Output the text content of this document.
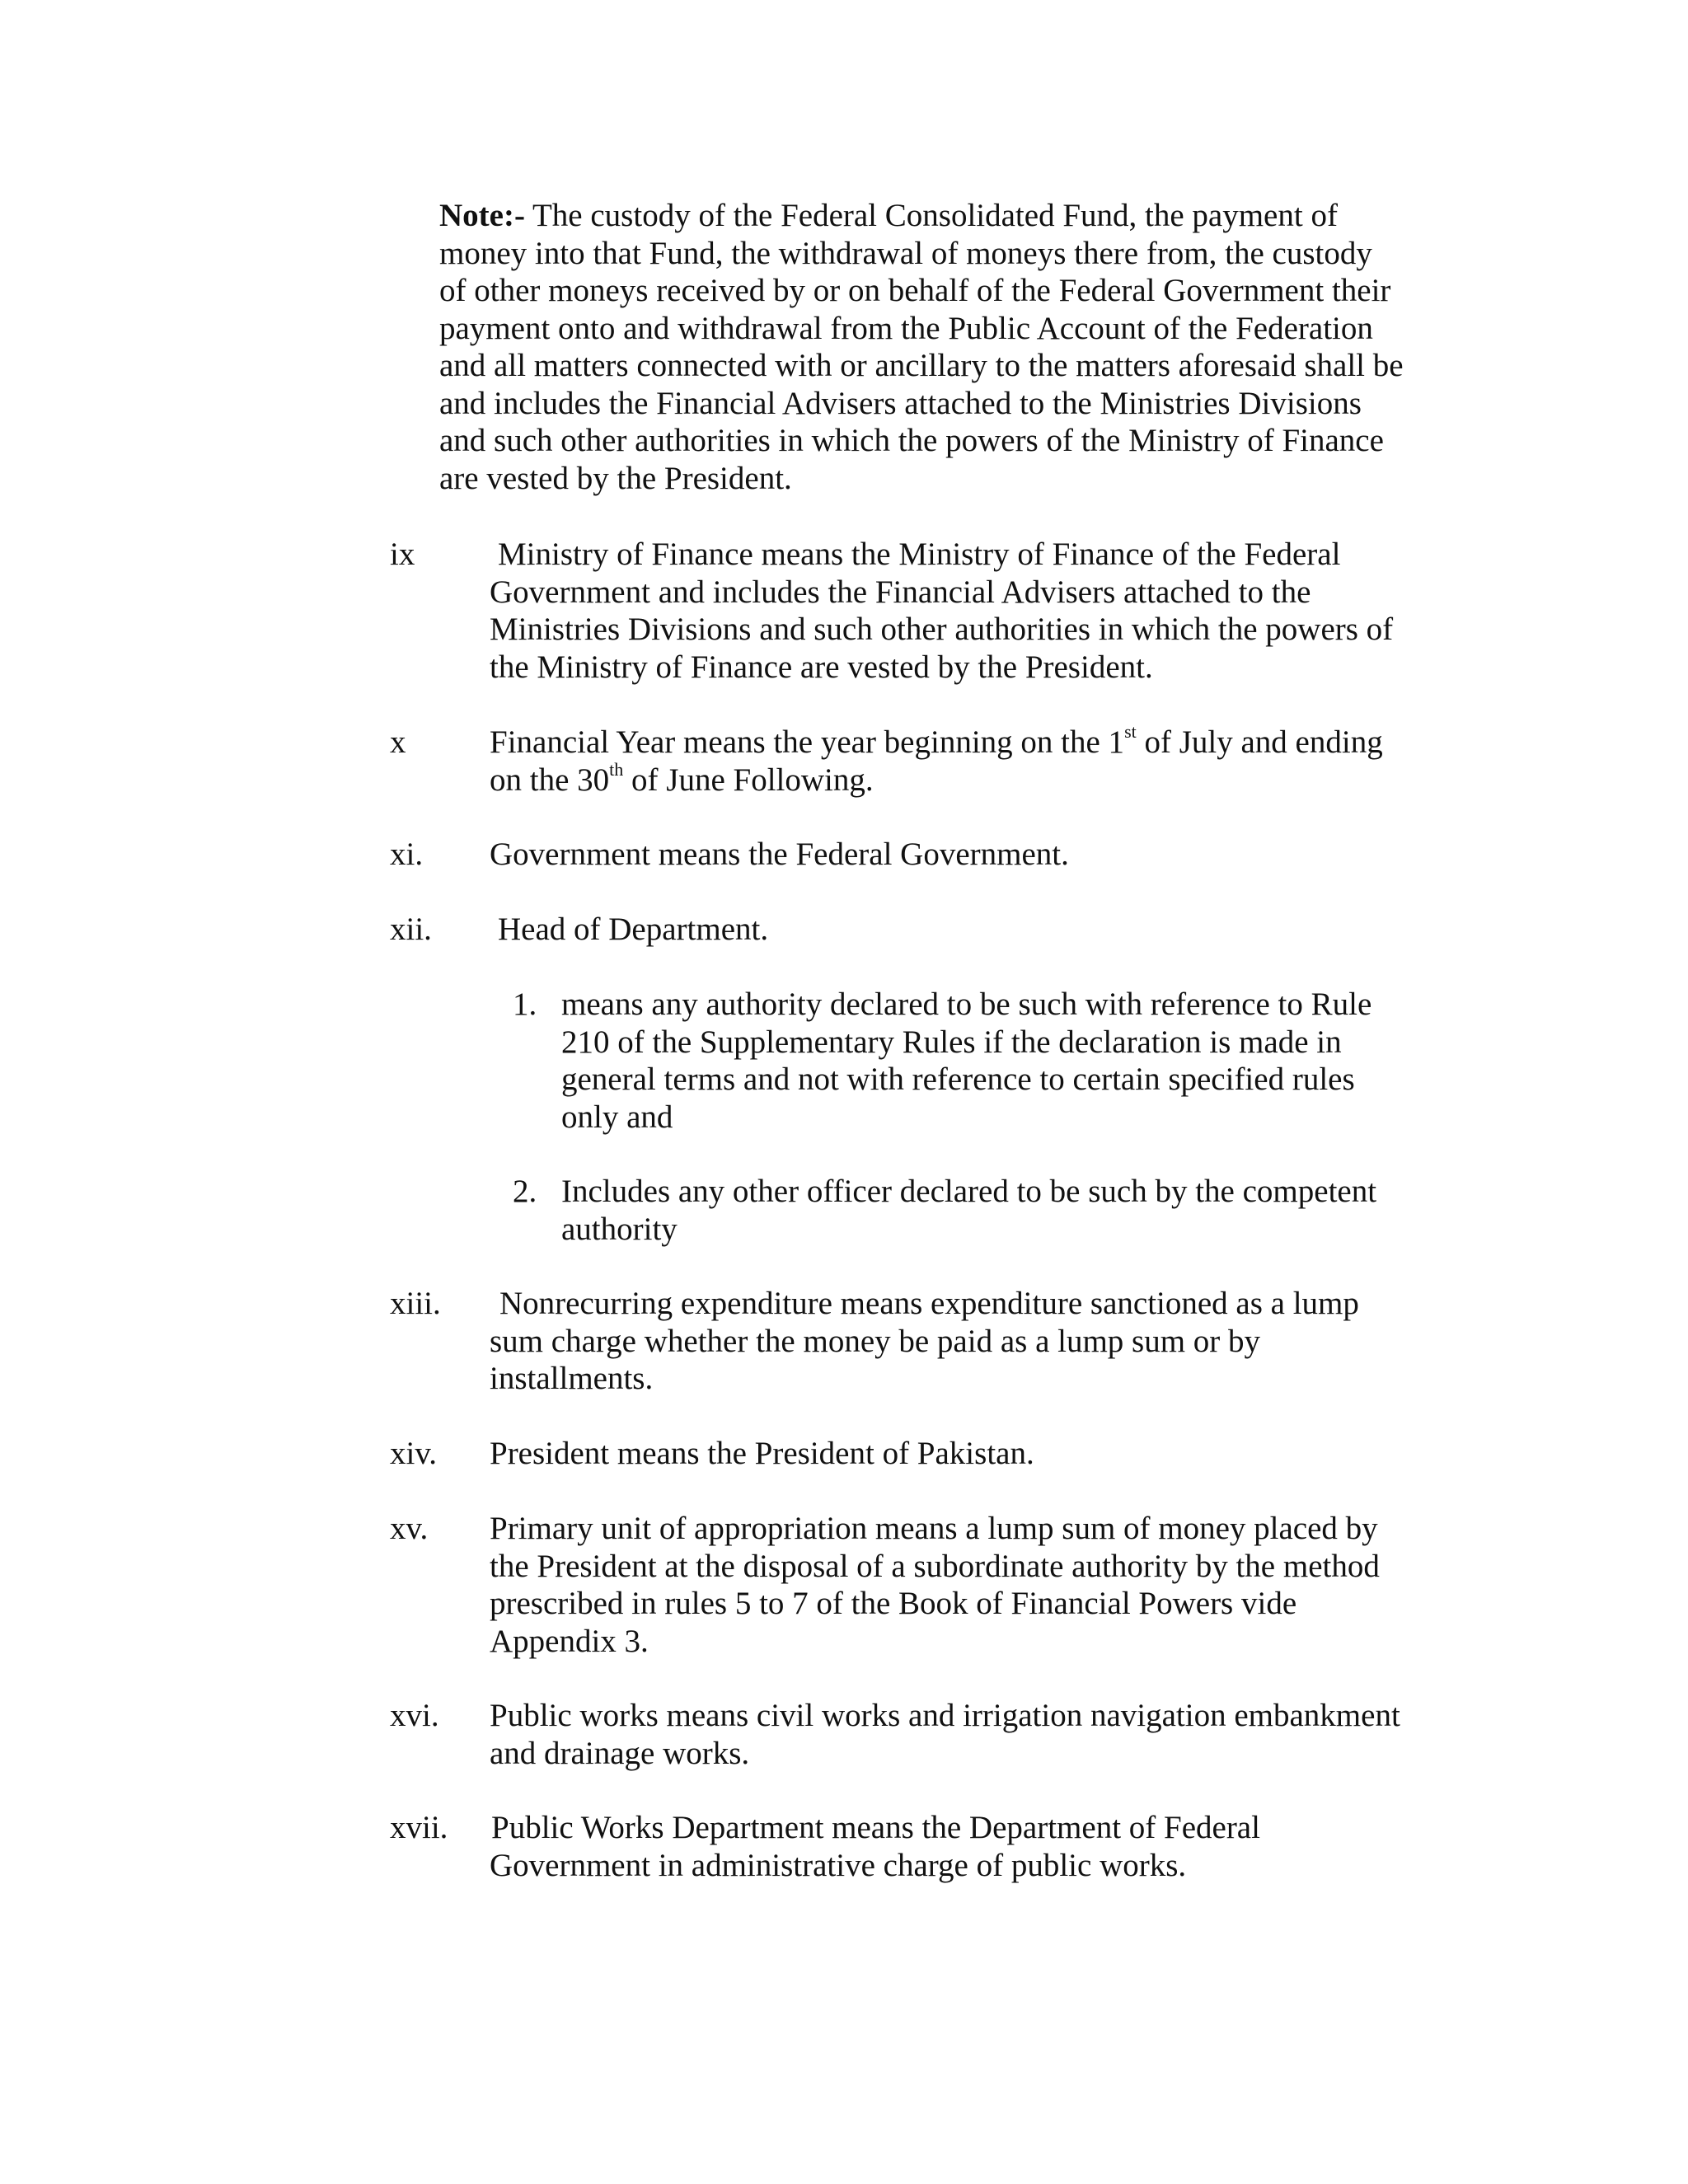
Note:- The custody of the Federal Consolidated Fund, the payment of
money into that Fund, the withdrawal of moneys there from, the custody
of other moneys received by or on behalf of the Federal Government their
payment onto and withdrawal from the Public Account of the Federation
and all matters connected with or ancillary to the matters aforesaid shall be
and includes the Financial Advisers attached to the Ministries Divisions
and such other authorities in which the powers of the Ministry of Finance
are vested by the President.
ix	Ministry of Finance means the Ministry of Finance of the Federal
Government and includes the Financial Advisers attached to the
Ministries Divisions and such other authorities in which the powers of
the Ministry of Finance are vested by the President.
x	Financial Year means the year beginning on the 1st of July and ending
on the 30th of June Following.
xi. Government means the Federal Government.
xii. Head of Department.
1. means any authority declared to be such with reference to Rule
210 of the Supplementary Rules if the declaration is made in
general terms and not with reference to certain specified rules
only and
2. Includes any other officer declared to be such by the competent
authority
xiii. Nonrecurring expenditure means expenditure sanctioned as a lump
sum charge whether the money be paid as a lump sum or by
installments.
xiv. President means the President of Pakistan.
xv. Primary unit of appropriation means a lump sum of money placed by
the President at the disposal of a subordinate authority by the method
prescribed in rules 5 to 7 of the Book of Financial Powers vide
Appendix 3.
xvi. Public works means civil works and irrigation navigation embankment
and drainage works.
xvii. Public Works Department means the Department of Federal
Government in administrative charge of public works.
